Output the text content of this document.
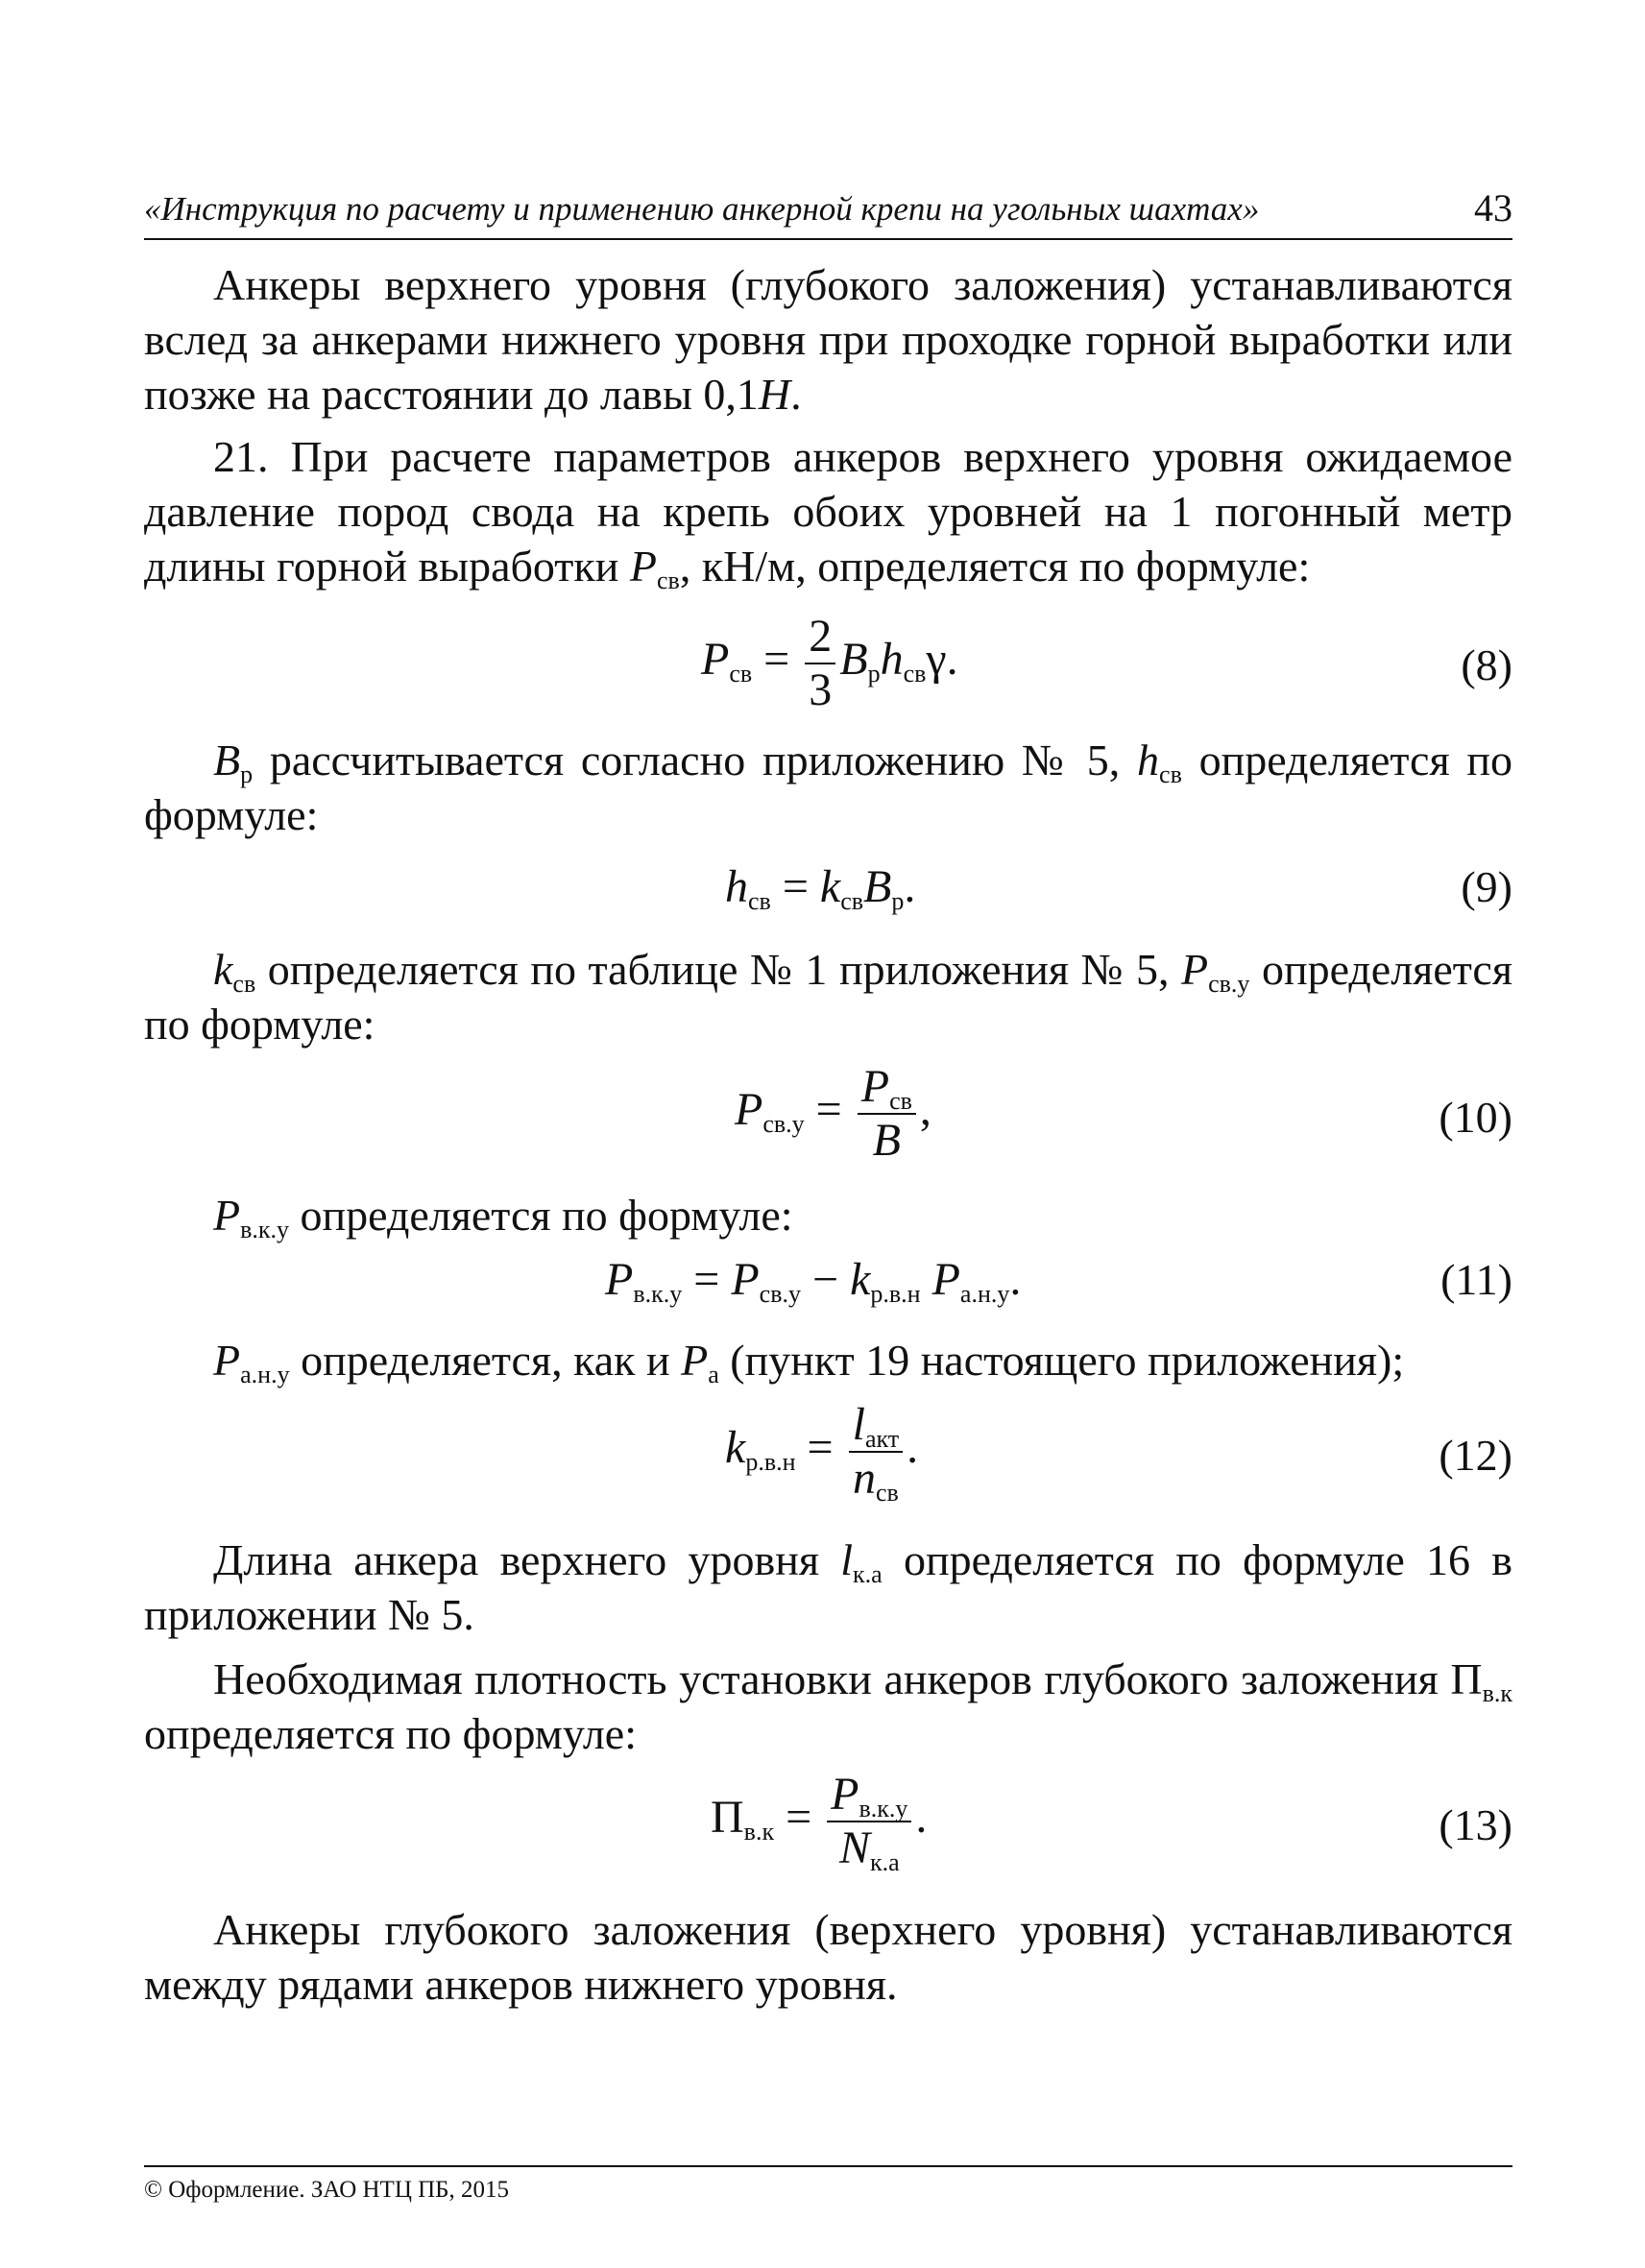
«Инструкция по расчету и применению анкерной крепи на угольных шахтах»	43

Анкеры верхнего уровня (глубокого заложения) устанавливаются вслед за анкерами нижнего уровня при проходке горной выработки или позже на расстоянии до лавы 0,1H.

21. При расчете параметров анкеров верхнего уровня ожидаемое давление пород свода на крепь обоих уровней на 1 погонный метр длины горной выработки $P_{св}$, кН/м, определяется по формуле:

$P_{св} = \frac{2}{3} B_рh_{св}\gamma$.	(8)

$B_р$ рассчитывается согласно приложению № 5, $h_{св}$ определяется по формуле:

$h_{св} = k_{св}B_р$.	(9)

$k_{св}$ определяется по таблице № 1 приложения № 5, $P_{св.у}$ определяется по формуле:

$P_{св.у} = \frac{P_{св}}{B}$ ,	(10)

$P_{в.к.у}$ определяется по формуле:

$P_{в.к.у} = P_{св.у} - k_{р.в.н}$ $P_{а.н.у}$.	(11)

$P_{а.н.у}$ определяется, как и $P_а$ (пункт 19 настоящего приложения);

$k_{р.в.н} = \frac{l_{акт}}{n_{св}}$ .	(12)

Длина анкера верхнего уровня $l_{к.а}$ определяется по формуле 16 в приложении № 5.

Необходимая плотность установки анкеров глубокого заложения $П_{в.к}$ определяется по формуле:

$П_{в.к} = \frac{P_{в.к.у}}{N_{к.а}}$ .	(13)

Анкеры глубокого заложения (верхнего уровня) устанавливаются между рядами анкеров нижнего уровня.

© Оформление. ЗАО НТЦ ПБ, 2015
